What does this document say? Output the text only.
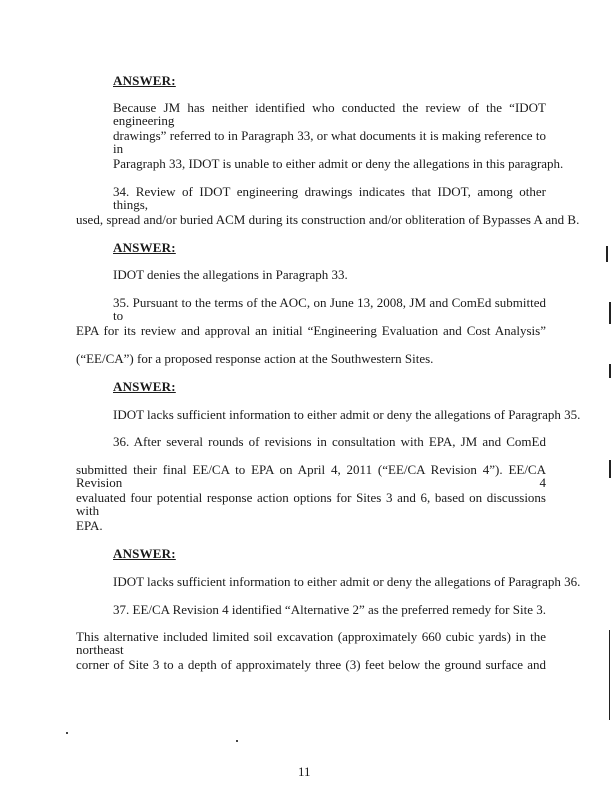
ANSWER:

Because JM has neither identified who conducted the review of the “IDOT engineering

drawings” referred to in Paragraph 33, or what documents it is making reference to in

Paragraph 33, IDOT is unable to either admit or deny the allegations in this paragraph.

34. Review of IDOT engineering drawings indicates that IDOT, among other things,

used, spread and/or buried ACM during its construction and/or obliteration of Bypasses A and B.

ANSWER:

IDOT denies the allegations in Paragraph 33.

35. Pursuant to the terms of the AOC, on June 13, 2008, JM and ComEd submitted to

EPA for its review and approval an initial “Engineering Evaluation and Cost Analysis”

(“EE/CA”) for a proposed response action at the Southwestern Sites.

ANSWER:

IDOT lacks sufficient information to either admit or deny the allegations of Paragraph 35.

36. After several rounds of revisions in consultation with EPA, JM and ComEd

submitted their final EE/CA to EPA on April 4, 2011 (“EE/CA Revision 4”). EE/CA Revision 4

evaluated four potential response action options for Sites 3 and 6, based on discussions with

EPA.

ANSWER:

IDOT lacks sufficient information to either admit or deny the allegations of Paragraph 36.

37. EE/CA Revision 4 identified “Alternative 2” as the preferred remedy for Site 3.

This alternative included limited soil excavation (approximately 660 cubic yards) in the northeast

corner of Site 3 to a depth of approximately three (3) feet below the ground surface and

11
